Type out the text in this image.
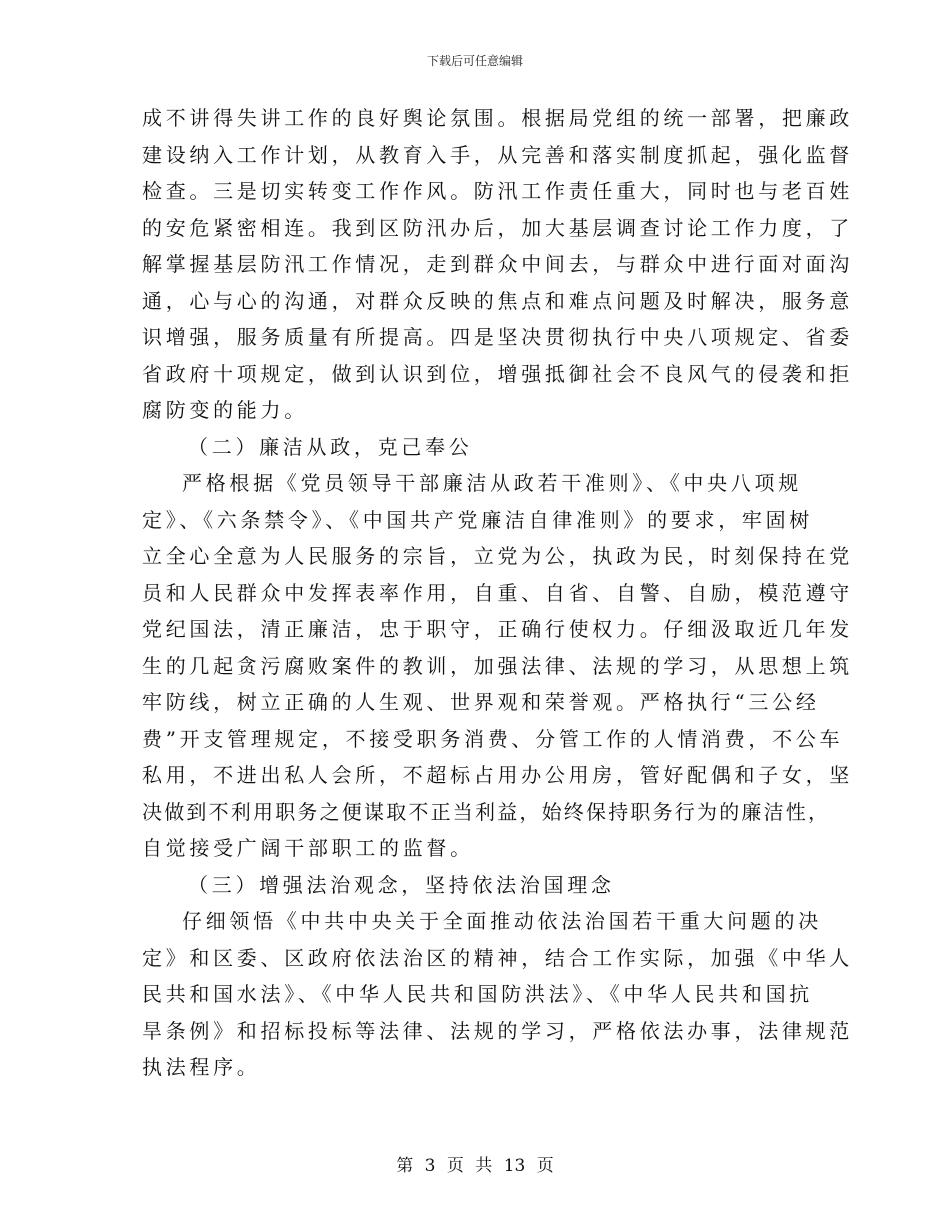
下载后可任意编辑
成不讲得失讲工作的良好舆论氛围。根据局党组的统一部署，把廉政
建设纳入工作计划，从教育入手，从完善和落实制度抓起，强化监督
检查。三是切实转变工作作风。防汛工作责任重大，同时也与老百姓
的安危紧密相连。我到区防汛办后，加大基层调查讨论工作力度，了
解掌握基层防汛工作情况，走到群众中间去，与群众中进行面对面沟
通，心与心的沟通，对群众反映的焦点和难点问题及时解决，服务意
识增强，服务质量有所提高。四是坚决贯彻执行中央八项规定、省委
省政府十项规定，做到认识到位，增强抵御社会不良风气的侵袭和拒
腐防变的能力。
（二）廉洁从政，克己奉公
严格根据《党员领导干部廉洁从政若干准则》、《中央八项规
定》、《六条禁令》、《中国共产党廉洁自律准则》的要求，牢固树
立全心全意为人民服务的宗旨，立党为公，执政为民，时刻保持在党
员和人民群众中发挥表率作用，自重、自省、自警、自励，模范遵守
党纪国法，清正廉洁，忠于职守，正确行使权力。仔细汲取近几年发
生的几起贪污腐败案件的教训，加强法律、法规的学习，从思想上筑
牢防线，树立正确的人生观、世界观和荣誉观。严格执行“三公经
费”开支管理规定，不接受职务消费、分管工作的人情消费，不公车
私用，不进出私人会所，不超标占用办公用房，管好配偶和子女，坚
决做到不利用职务之便谋取不正当利益，始终保持职务行为的廉洁性，
自觉接受广阔干部职工的监督。
（三）增强法治观念，坚持依法治国理念
仔细领悟《中共中央关于全面推动依法治国若干重大问题的决
定》和区委、区政府依法治区的精神，结合工作实际，加强《中华人
民共和国水法》、《中华人民共和国防洪法》、《中华人民共和国抗
旱条例》和招标投标等法律、法规的学习，严格依法办事，法律规范
执法程序。
第 3 页 共 13 页
